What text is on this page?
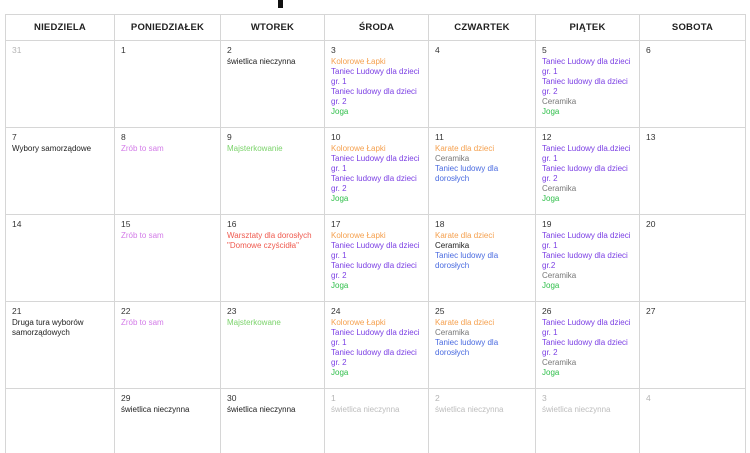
NIEDZIELA	PONIEDZIAŁEK	WTOREK	ŚRODA	CZWARTEK	PIĄTEK	SOBOTA

31	1	2
świetlica nieczynna	3
Kolorowe Łapki
Taniec Ludowy dla dzieci gr. 1
Taniec ludowy dla dzieci gr. 2
Joga	4	5
Taniec Ludowy dla dzieci gr. 1
Taniec ludowy dla dzieci gr. 2
Ceramika
Joga	6

7
Wybory samorządowe	8
Zrób to sam	9
Majsterkowanie	10
Kolorowe Łapki
Taniec Ludowy dla dzieci gr. 1
Taniec ludowy dla dzieci gr. 2
Joga	11
Karate dla dzieci
Ceramika
Taniec ludowy dla dorosłych	12
Taniec Ludowy dla.dzieci gr. 1
Taniec ludowy dla dzieci gr. 2
Ceramika
Joga	13

14	15
Zrób to sam	16
Warsztaty dla dorosłych "Domowe czyścidła"	17
Kolorowe Łapki
Taniec Ludowy dla dzieci gr. 1
Taniec ludowy dla dzieci gr. 2
Joga	18
Karate dla dzieci
Ceramika
Taniec ludowy dla dorosłych	19
Taniec Ludowy dla dzieci gr. 1
Taniec ludowy dla dzieci gr.2
Ceramika
Joga	20

21
Druga tura wyborów samorządowych	22
Zrób to sam	23
Majsterkowane	24
Kolorowe Łapki
Taniec Ludowy dla dzieci gr. 1
Taniec ludowy dla dzieci gr. 2
Joga	25
Karate dla dzieci
Ceramika
Taniec ludowy dla dorosłych	26
Taniec Ludowy dla dzieci gr. 1
Taniec ludowy dla dzieci gr. 2
Ceramika
Joga	27

	29
świetlica nieczynna	30
świetlica nieczynna	1
świetlica nieczynna	2
świetlica nieczynna	3
świetlica nieczynna	4
